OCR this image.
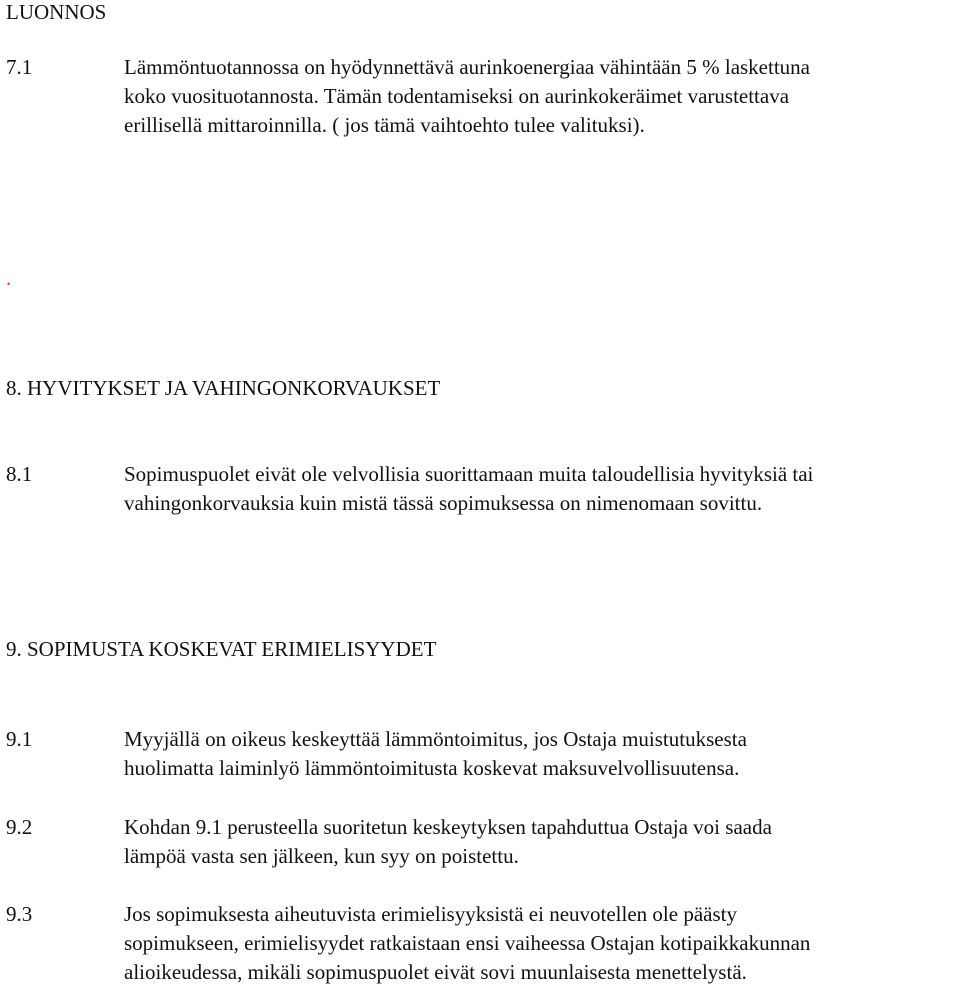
LUONNOS
7.1	Lämmöntuotannossa on hyödynnettävä aurinkoenergiaa vähintään 5 % laskettuna
koko vuosituotannosta. Tämän todentamiseksi on aurinkokeräimet varustettava
erillisellä mittaroinnilla. ( jos tämä vaihtoehto tulee valituksi).
.
8. HYVITYKSET JA VAHINGONKORVAUKSET
8.1	Sopimuspuolet eivät ole velvollisia suorittamaan muita taloudellisia hyvityksiä tai
vahingonkorvauksia kuin mistä tässä sopimuksessa on nimenomaan sovittu.
9. SOPIMUSTA KOSKEVAT ERIMIELISYYDET
9.1	Myyjällä on oikeus keskeyttää lämmöntoimitus, jos Ostaja muistutuksesta
huolimatta laiminlyö lämmöntoimitusta koskevat maksuvelvollisuutensa.
9.2	Kohdan 9.1 perusteella suoritetun keskeytyksen tapahduttua Ostaja voi saada
lämpöä vasta sen jälkeen, kun syy on poistettu.
9.3	Jos sopimuksesta aiheutuvista erimielisyyksistä ei neuvotellen ole päästy
sopimukseen, erimielisyydet ratkaistaan ensi vaiheessa Ostajan kotipaikkakunnan
alioikeudessa, mikäli sopimuspuolet eivät sovi muunlaisesta menettelystä.
